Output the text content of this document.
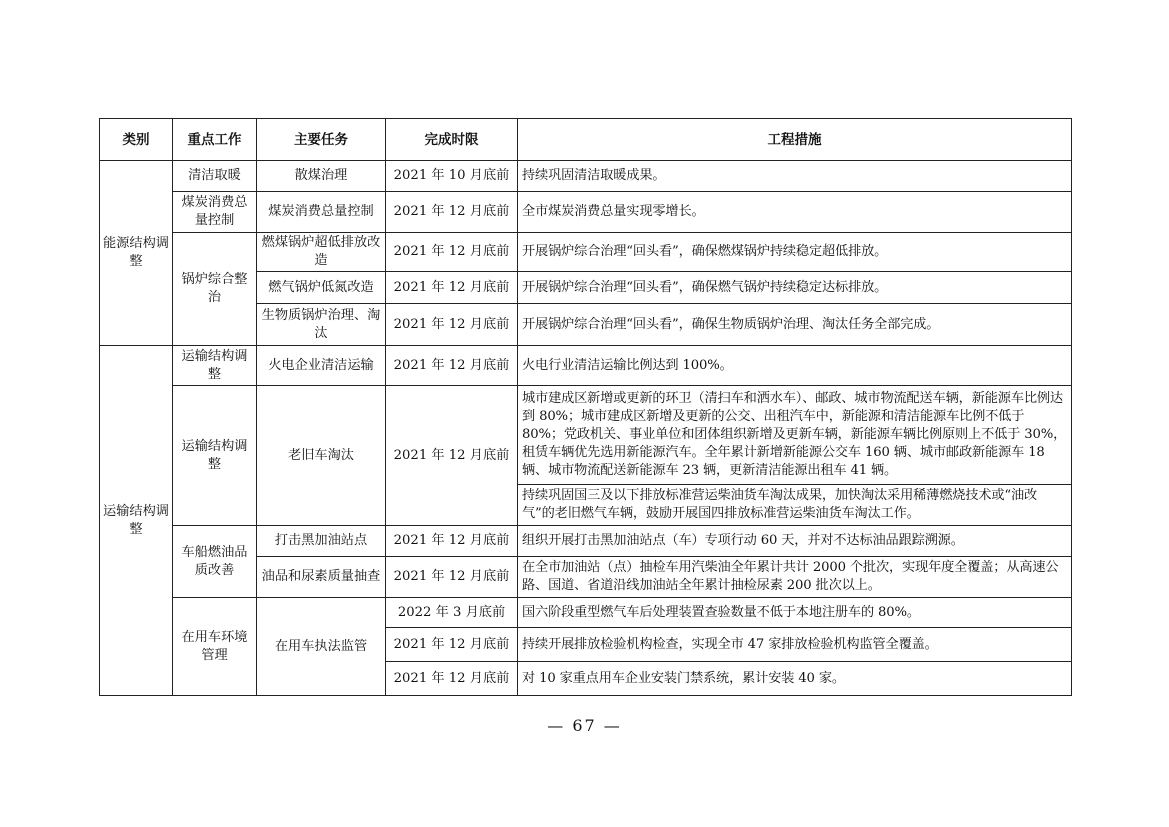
类别	重点工作	主要任务	完成时限	工程措施
能源结构调整	清洁取暖	散煤治理	2021 年 10 月底前	持续巩固清洁取暖成果。
	煤炭消费总量控制	煤炭消费总量控制	2021 年 12 月底前	全市煤炭消费总量实现零增长。
	锅炉综合整治	燃煤锅炉超低排放改造	2021 年 12 月底前	开展锅炉综合治理“回头看”，确保燃煤锅炉持续稳定超低排放。
		燃气锅炉低氮改造	2021 年 12 月底前	开展锅炉综合治理“回头看”，确保燃气锅炉持续稳定达标排放。
		生物质锅炉治理、淘汰	2021 年 12 月底前	开展锅炉综合治理“回头看”，确保生物质锅炉治理、淘汰任务全部完成。
运输结构调整	运输结构调整	火电企业清洁运输	2021 年 12 月底前	火电行业清洁运输比例达到 100%。
	运输结构调整	老旧车淘汰	2021 年 12 月底前	城市建成区新增或更新的环卫（清扫车和洒水车）、邮政、城市物流配送车辆，新能源车比例达到 80%；城市建成区新增及更新的公交、出租汽车中，新能源和清洁能源车比例不低于 80%；党政机关、事业单位和团体组织新增及更新车辆，新能源车辆比例原则上不低于 30%，租赁车辆优先选用新能源汽车。全年累计新增新能源公交车 160 辆、城市邮政新能源车 18 辆、城市物流配送新能源车 23 辆，更新清洁能源出租车 41 辆。
				持续巩固国三及以下排放标准营运柴油货车淘汰成果，加快淘汰采用稀薄燃烧技术或“油改气”的老旧燃气车辆，鼓励开展国四排放标准营运柴油货车淘汰工作。
	车船燃油品质改善	打击黑加油站点	2021 年 12 月底前	组织开展打击黑加油站点（车）专项行动 60 天，并对不达标油品跟踪溯源。
		油品和尿素质量抽查	2021 年 12 月底前	在全市加油站（点）抽检车用汽柴油全年累计共计 2000 个批次，实现年度全覆盖；从高速公路、国道、省道沿线加油站全年累计抽检尿素 200 批次以上。
	在用车环境管理	在用车执法监管	2022 年 3 月底前	国六阶段重型燃气车后处理装置查验数量不低于本地注册车的 80%。
			2021 年 12 月底前	持续开展排放检验机构检查，实现全市 47 家排放检验机构监管全覆盖。
			2021 年 12 月底前	对 10 家重点用车企业安装门禁系统，累计安装 40 家。
— 67 —
